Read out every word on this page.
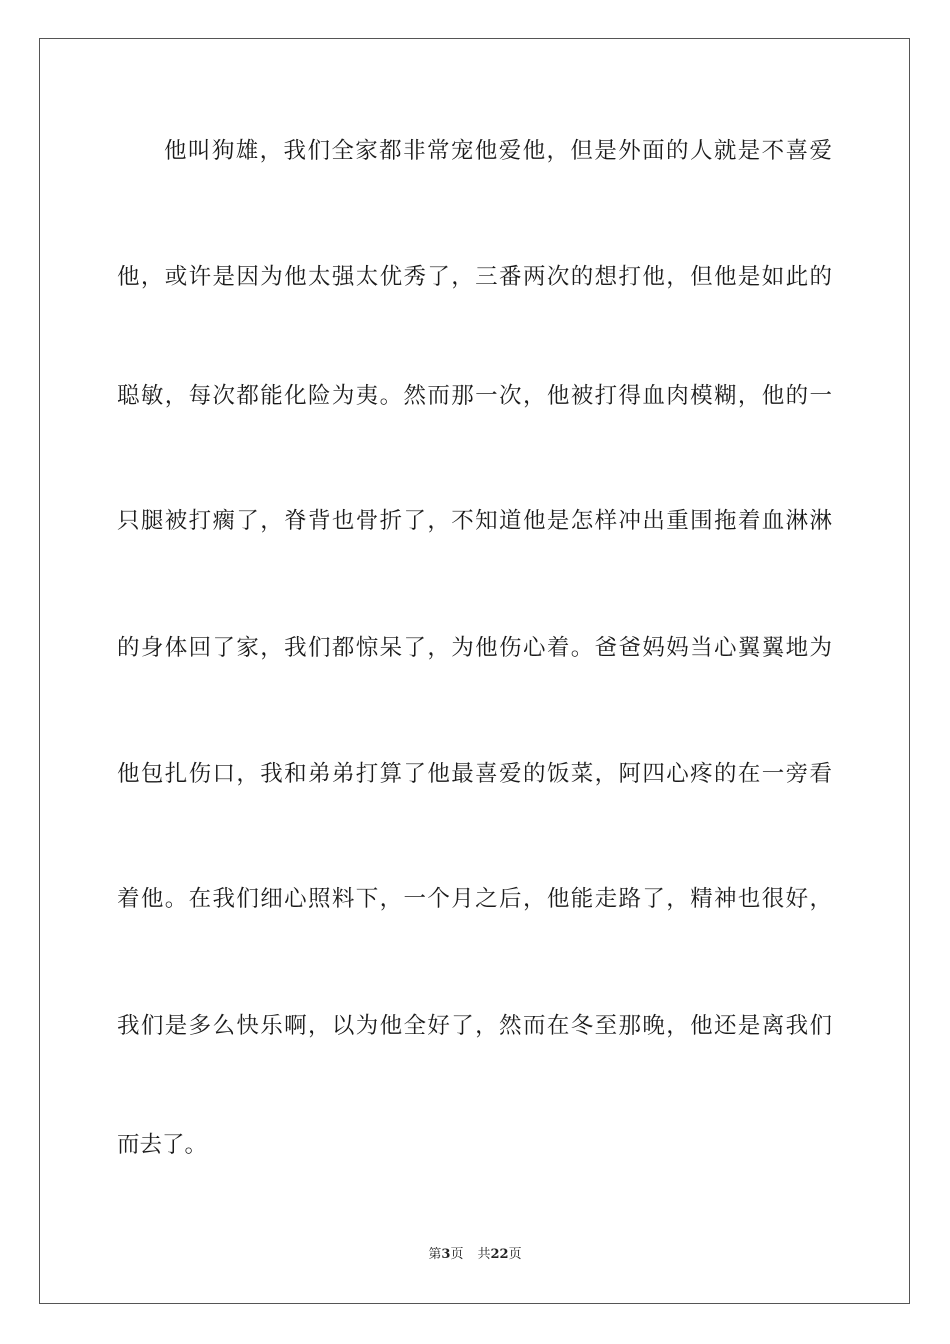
他叫狗雄，我们全家都非常宠他爱他，但是外面的人就是不喜爱
他，或许是因为他太强太优秀了，三番两次的想打他，但他是如此的
聪敏，每次都能化险为夷。然而那一次，他被打得血肉模糊，他的一
只腿被打瘸了，脊背也骨折了，不知道他是怎样冲出重围拖着血淋淋
的身体回了家，我们都惊呆了，为他伤心着。爸爸妈妈当心翼翼地为
他包扎伤口，我和弟弟打算了他最喜爱的饭菜，阿四心疼的在一旁看
着他。在我们细心照料下，一个月之后，他能走路了，精神也很好，
我们是多么快乐啊，以为他全好了，然而在冬至那晚，他还是离我们
而去了。
第3页 共22页
